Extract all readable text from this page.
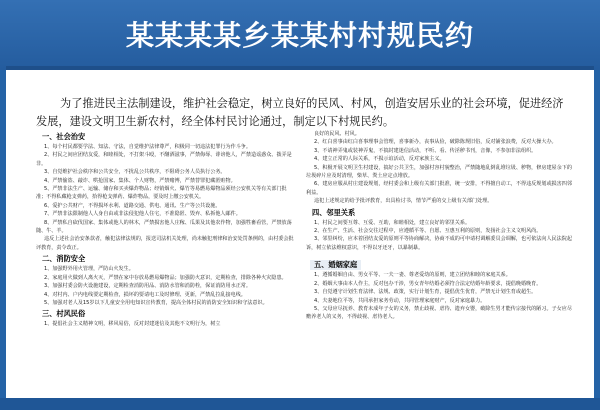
某某某某乡某某村村规民约

为了推进民主法制建设，维护社会稳定，树立良好的民风、村风，创造安居乐业的社会环境，促进经济发展，建设文明卫生新农村，经全体村民讨论通过，制定以下村规民约。

一、社会治安

1、每个村民都要学法、知法、守法，自觉维护法律尊严，积极同一切违法犯罪行为作斗争。

2、村民之间应团结友爱，和睦相处，不打架斗殴，不酗酒滋事，严禁侮辱、诽谤他人，严禁造谣惑众、拨弄是非。

3、自觉维护社会秩序和公共安全，不扰乱公共秩序，不阻碍公务人员执行公务。

4、严禁偷盗、敲诈、哄抢国家、集体、个人财物，严禁赌博，严禁替罪犯藏匿赃物。

5、严禁非法生产、运输、储存和买卖爆炸物品；经销烟火、爆竹等易燃易爆物品须经公安机关等有关部门批准；不得私藏枪支弹药，拾得枪支弹药、爆炸物品，要及时上缴公安机关。

6、爱护公共财产，不得损坏水利、道路交通、供电、通讯、生产等公共设施。

7、严禁非法限制他人人身自由或非法侵犯他人住宅，不准隐匿、毁弃、私拆他人邮件。

8、严禁私自砍伐国家、集体或他人的林木，严禁损害他人庄稼、瓜果及其他农作物，加强牲畜看管，严禁放荡随、牛、羊。

违反上述社会治安条款者，触犯法律法规的，报送司法机关处理，尚未触犯刑律和治安处罚条例的，由村委会批评教育，责令改正。

二、消防安全

1、加强野外用火管理，严防山火发生。

2、家庭用火做到人离火灭，严禁在家中存放易燃易爆物品；加强防火意识，定期检查，排除各种火灾隐患。

3、加强村委会防火设施建设，定期检查消防用品、消防水管和消防栓，保证消防用水正常。

4、对村内、户内电线要定期检查，损坏的要请电工及时修理、更新，严禁乱拉乱接电线。

5、加强对老人及15岁以下儿童安全用电知识宣传教育，提高全体村民的消防安全知识和守法意识。

三、村风民俗

1、提倡社会主义精神文明，移风易俗，反对封建迷信及其他不文明行为，树立

良好的民风、村风。

2、红白喜事由红白喜事理事会管理，喜事新办，丧事从俭，破除陈规旧俗，反对铺张浪费，反对大操大办。

3、不请神弄鬼或装神弄鬼，不搞封建迷信活动，不听、看、传淫秽书刊，音像，不参加非法组织。

4、建立正常的人际关系，不损示谊活动，反对家族主义。

5、积极开展文明卫生村建设，搞好公共卫生，加强村容村貌整治，严禁随地乱倒乱堆垃圾、秽物，修房建屋余下的垃圾碎片应及时清理，柴草、粪土应定点堆放。

6、建房应服从村庄建设规划，经村委会和上级有关部门批准，统一安排，不得擅自动工，不得违反规划或损害四邻利益。

违犯上述规定的给予批评教育，出具检讨书，情节严重的交上级有关部门处理。

四、邻里关系

1、村民之间要互尊、互爱、互助，和睦相处，建立良好的邻里关系。

2、在生产、生活、社会交往过程中，应遵循平等、自愿、互惠互利的原则，发扬社会主义文明风尚。

3、邻里纠纷，应本着团结友爱的原则平等协商解决，协商不成的可申请村调解委员会调解，也可依法向人民法院起诉，树立依法维权意识，不得以牙还牙，以暴制暴。

五、婚姻家庭

1、遵循婚姻自由、男女平等、一夫一妻、尊老爱幼的原则，建立团结和睦的家庭关系。

2、婚姻大事由本人作主，反对包办干涉，男女青年结婚必须符合法定结婚年龄要求，提倡晚婚晚育。

3、自觉遵守计划生育法律、法规、政策，实行计划生育，提倡优生优育，严禁无计划生育或超生。

4、夫妻地位平等，共同承担家务劳动，共同管理家庭财产，反对家庭暴力。

5、父母应尽抚养、教育未成年子女的义务，禁止歧视、虐待、遗弃女婴，破除生男才能传宗接代的陋习。子女应尽赡养老人的义务，不得歧视、虐待老人。
